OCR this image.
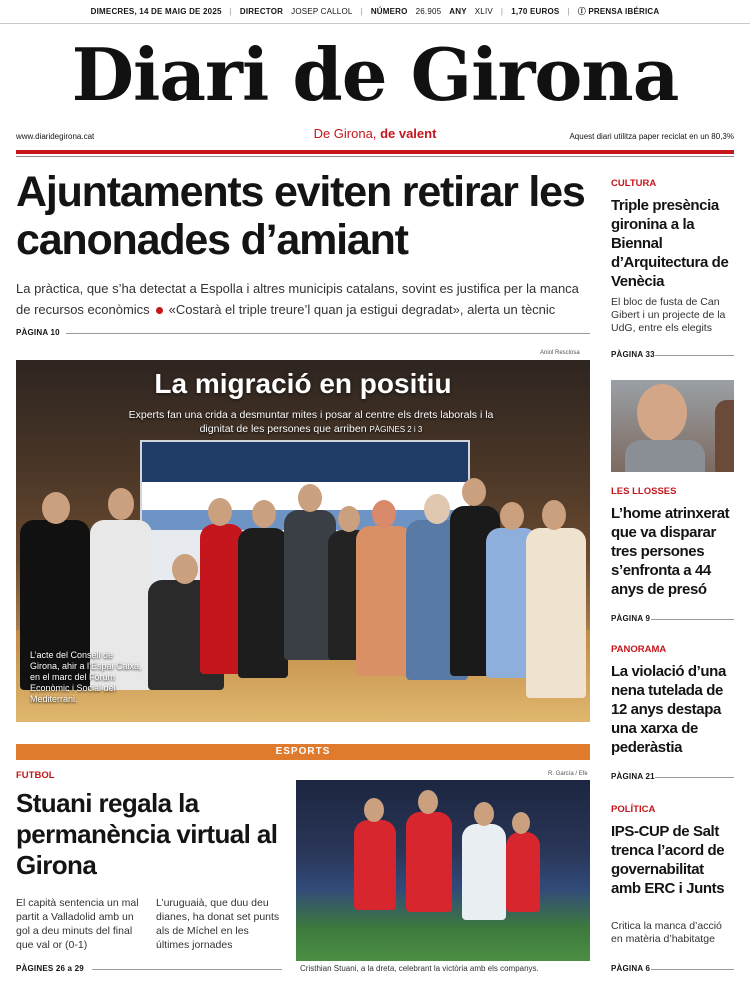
DIMECRES, 14 DE MAIG DE 2025 | DIRECTOR JOSEP CALLOL | NÚMERO 26.905 ANY XLIV | 1,70 EUROS | Ⓘ PRENSA IBÉRICA
Diari de Girona
www.diaridegirona.cat	De Girona, de valent	Aquest diari utilitza paper reciclat en un 80,3%
Ajuntaments eviten retirar les canonades d’amiant

La pràctica, que s’ha detectat a Espolla i altres municipis catalans, sovint es justifica per la manca de recursos econòmics «Costarà el triple treure’l quan ja estigui degradat», alerta un tècnic

PÀGINA 10
Aniol Resclosa
La migració en positiu
Experts fan una crida a desmuntar mites i posar al centre els drets laborals i la dignitat de les persones que arriben PÀGINES 2 i 3
L’acte del Consell de Girona, ahir a l’Espai Caixa, en el marc del Fòrum Econòmic i Social del Mediterrani.
ESPORTS
FUTBOL	R. García / Efe
Stuani regala la permanència virtual al Girona

El capità sentencia un mal partit a Valladolid amb un gol a deu minuts del final que val or (0-1)

L’uruguaià, que duu deu dianes, ha donat set punts als de Míchel en les últimes jornades

PÀGINES 26 a 29	Cristhian Stuani, a la dreta, celebrant la victòria amb els companys.
CULTURA
Triple presència gironina a la Biennal d’Arquitectura de Venècia
El bloc de fusta de Can Gibert i un projecte de la UdG, entre els elegits
PÀGINA 33
LES LLOSSES
L’home atrinxerat que va disparar tres persones s’enfronta a 44 anys de presó
PÀGINA 9
PANORAMA
La violació d’una nena tutelada de 12 anys destapa una xarxa de pederàstia
PÀGINA 21
POLÍTICA
IPS-CUP de Salt trenca l’acord de governabilitat amb ERC i Junts
Critica la manca d’acció en matèria d’habitatge
PÀGINA 6
